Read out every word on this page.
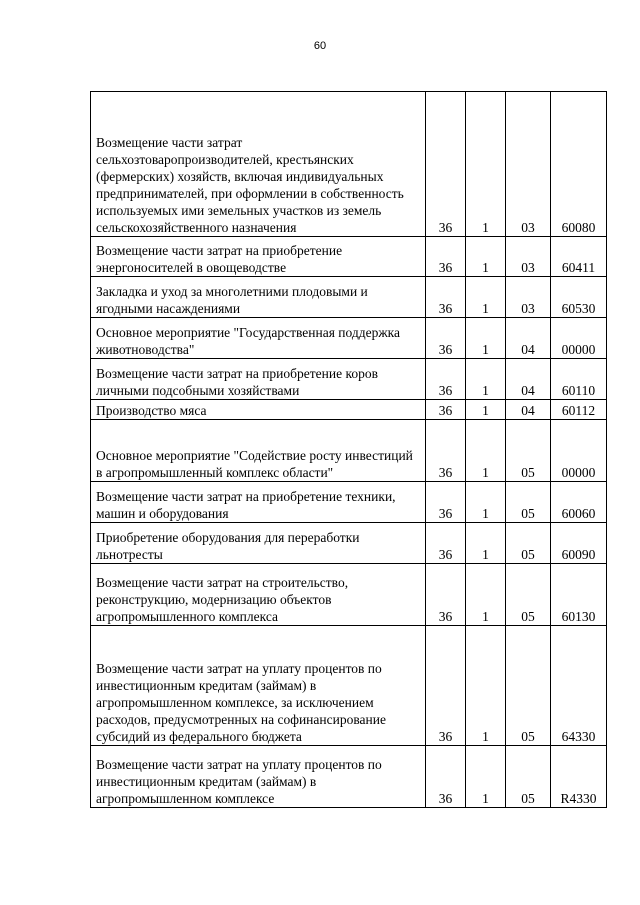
60
Возмещение части затрат сельхозтоваропроизводителей, крестьянских (фермерских) хозяйств, включая индивидуальных предпринимателей, при оформлении в собственность используемых ими земельных участков из земель сельскохозяйственного назначения	36	1	03	60080
Возмещение части затрат на приобретение энергоносителей в овощеводстве	36	1	03	60411
Закладка и уход за многолетними плодовыми и ягодными насаждениями	36	1	03	60530
Основное мероприятие "Государственная поддержка животноводства"	36	1	04	00000
Возмещение части затрат на приобретение коров личными подсобными хозяйствами	36	1	04	60110
Производство мяса	36	1	04	60112
Основное мероприятие "Содействие росту инвестиций в агропромышленный комплекс области"	36	1	05	00000
Возмещение части затрат на приобретение техники, машин и оборудования	36	1	05	60060
Приобретение оборудования для переработки льнотресты	36	1	05	60090
Возмещение части затрат на строительство, реконструкцию, модернизацию объектов агропромышленного комплекса	36	1	05	60130
Возмещение части затрат на уплату процентов по инвестиционным кредитам (займам) в агропромышленном комплексе, за исключением расходов, предусмотренных на софинансирование субсидий из федерального бюджета	36	1	05	64330
Возмещение части затрат на уплату процентов по инвестиционным кредитам (займам) в агропромышленном комплексе	36	1	05	R4330
